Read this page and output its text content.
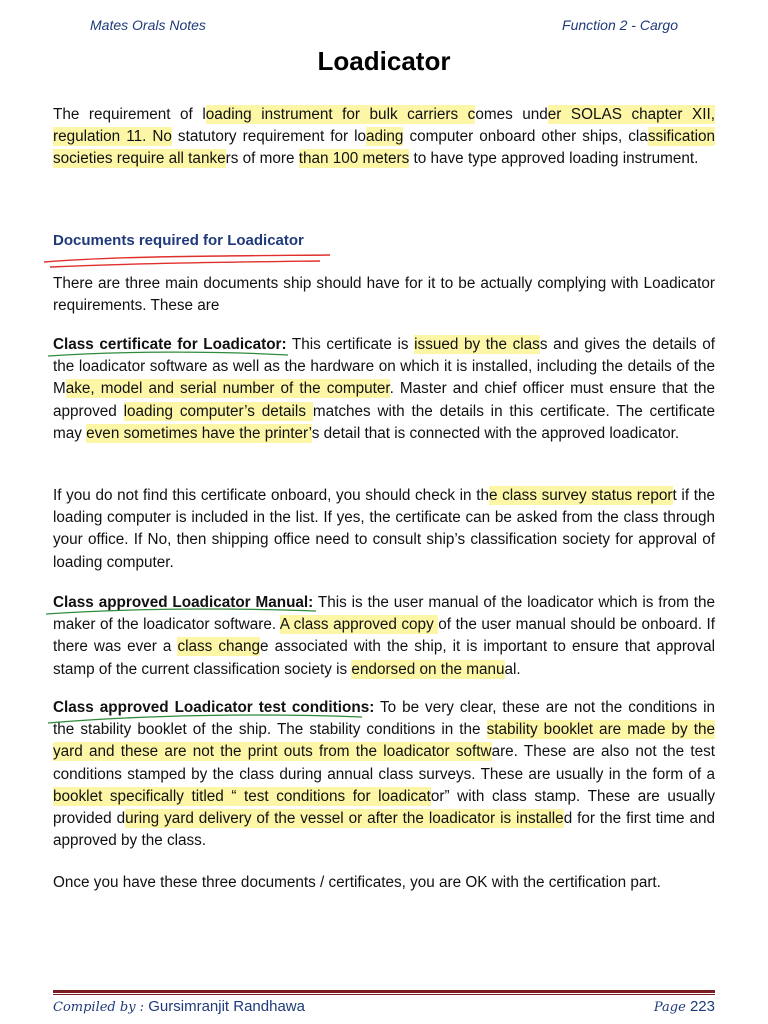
Mates Orals Notes	Function 2 - Cargo
Loadicator

The requirement of loading instrument for bulk carriers comes under SOLAS chapter XII, regulation 11. No statutory requirement for loading computer onboard other ships, classification societies require all tankers of more than 100 meters to have type approved loading instrument.

Documents required for Loadicator

There are three main documents ship should have for it to be actually complying with Loadicator requirements. These are

Class certificate for Loadicator: This certificate is issued by the class and gives the details of the loadicator software as well as the hardware on which it is installed, including the details of the Make, model and serial number of the computer. Master and chief officer must ensure that the approved loading computer’s details matches with the details in this certificate. The certificate may even sometimes have the printer’s detail that is connected with the approved loadicator.

If you do not find this certificate onboard, you should check in the class survey status report if the loading computer is included in the list. If yes, the certificate can be asked from the class through your office. If No, then shipping office need to consult ship’s classification society for approval of loading computer.

Class approved Loadicator Manual: This is the user manual of the loadicator which is from the maker of the loadicator software. A class approved copy of the user manual should be onboard. If there was ever a class change associated with the ship, it is important to ensure that approval stamp of the current classification society is endorsed on the manual.

Class approved Loadicator test conditions: To be very clear, these are not the conditions in the stability booklet of the ship. The stability conditions in the stability booklet are made by the yard and these are not the print outs from the loadicator software. These are also not the test conditions stamped by the class during annual class surveys. These are usually in the form of a booklet specifically titled “ test conditions for loadicator” with class stamp. These are usually provided during yard delivery of the vessel or after the loadicator is installed for the first time and approved by the class.

Once you have these three documents / certificates, you are OK with the certification part.

Compiled by : Gursimranjit Randhawa	Page 223
